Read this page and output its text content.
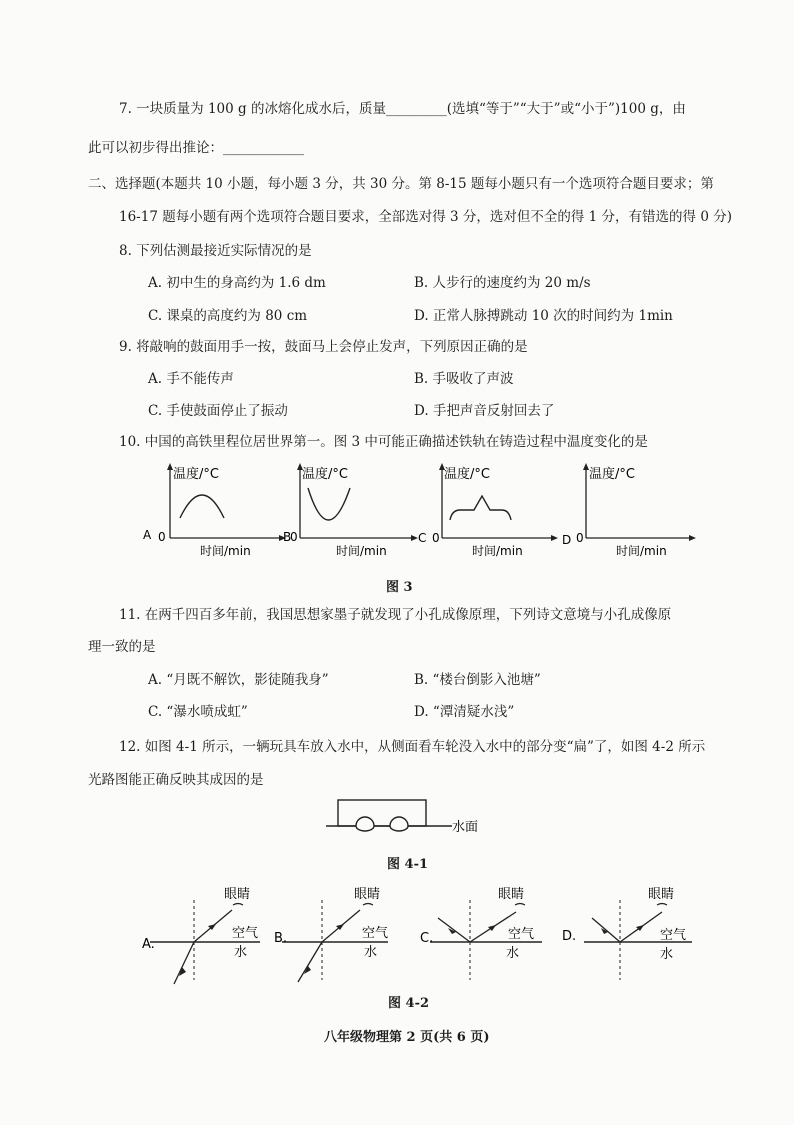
7. 一块质量为 100 g 的冰熔化成水后，质量_________(选填“等于”“大于”或“小于”)100 g，由
此可以初步得出推论：____________
二、选择题(本题共 10 小题，每小题 3 分，共 30 分。第 8-15 题每小题只有一个选项符合题目要求；第
16-17 题每小题有两个选项符合题目要求，全部选对得 3 分，选对但不全的得 1 分，有错选的得 0 分)
8. 下列估测最接近实际情况的是
A. 初中生的身高约为 1.6 dm	B. 人步行的速度约为 20 m/s
C. 课桌的高度约为 80 cm	D. 正常人脉搏跳动 10 次的时间约为 1min
9. 将敲响的鼓面用手一按，鼓面马上会停止发声，下列原因正确的是
A. 手不能传声	B. 手吸收了声波
C. 手使鼓面停止了振动	D. 手把声音反射回去了
10. 中国的高铁里程位居世界第一。图 3 中可能正确描述铁轨在铸造过程中温度变化的是
A 0
温度/°C
时间/min
B
0
温度/°C
时间/min
C 0
温度/°C
时间/min
D 0
温度/°C
时间/min
图 3
11. 在两千四百多年前，我国思想家墨子就发现了小孔成像原理，下列诗文意境与小孔成像原
理一致的是
A. “月既不解饮，影徒随我身”	B. “楼台倒影入池塘”
C. “瀑水喷成虹”	D. “潭清疑水浅”
12. 如图 4-1 所示，一辆玩具车放入水中，从侧面看车轮没入水中的部分变“扁”了，如图 4-2 所示
光路图能正确反映其成因的是
水面
图 4-1
眼睛
空气
水
A.
眼睛
空气
水
B.
眼睛
空气
水
C.
眼睛
空气
水
D.
图 4-2
八年级物理第 2 页(共 6 页)
